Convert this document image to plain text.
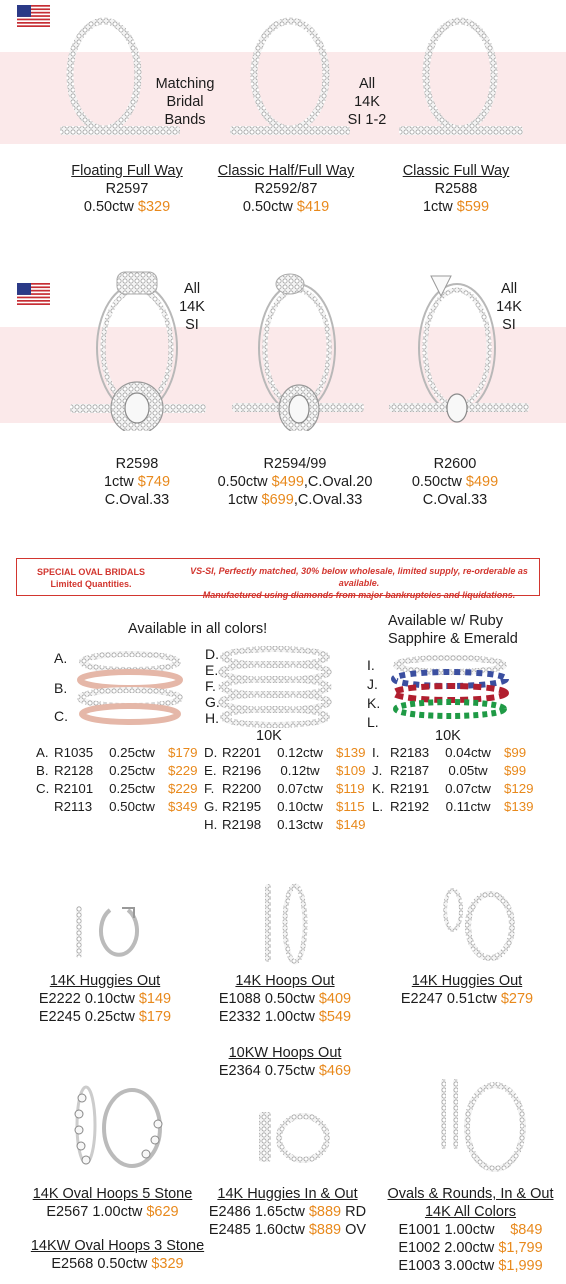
Matching
Bridal
Bands
All
14K
SI 1-2
Floating Full Way
R2597
0.50ctw $329
Classic Half/Full Way
R2592/87
0.50ctw $419
Classic Full Way
R2588
1ctw $599
All
14K
SI
All
14K
SI
R2598
1ctw $749
C.Oval.33
R2594/99
0.50ctw $499,C.Oval.20
1ctw $699,C.Oval.33
R2600
0.50ctw $499
C.Oval.33
SPECIAL OVAL BRIDALS
Limited Quantities.
VS-SI, Perfectly matched, 30% below wholesale, limited supply, re-orderable as available.
Manufactured using diamonds from major bankruptcies and liquidations.
Available in all colors!	Available w/ Ruby
Sapphire & Emerald
A.
B.
C.
D.
E.
F.
G.
H.
10K
I.
J.
K.
L.
10K
A. R1035 0.25ctw $179
B. R2128 0.25ctw $229
C. R2101 0.25ctw $229
R2113 0.50ctw $349
D. R2201 0.12ctw $139
E. R2196 0.12tw $109
F. R2200 0.07ctw $119
G. R2195 0.10ctw $115
H. R2198 0.13ctw $149
I. R2183 0.04ctw $99
J. R2187 0.05tw $99
K. R2191 0.07ctw $129
L. R2192 0.11ctw $139
14K Huggies Out
E2222 0.10ctw $149
E2245 0.25ctw $179
14K Hoops Out
E1088 0.50ctw $409
E2332 1.00ctw $549
14K Huggies Out
E2247 0.51ctw $279
10KW Hoops Out
E2364 0.75ctw $469
14K Oval Hoops 5 Stone
E2567 1.00ctw $629
14K Huggies In & Out
E2486 1.65ctw $889 RD
E2485 1.60ctw $889 OV
Ovals & Rounds, In & Out
14K All Colors
E1001 1.00ctw $849
E1002 2.00ctw $1,799
E1003 3.00ctw $1,999
14KW Oval Hoops 3 Stone
E2568 0.50ctw $329
